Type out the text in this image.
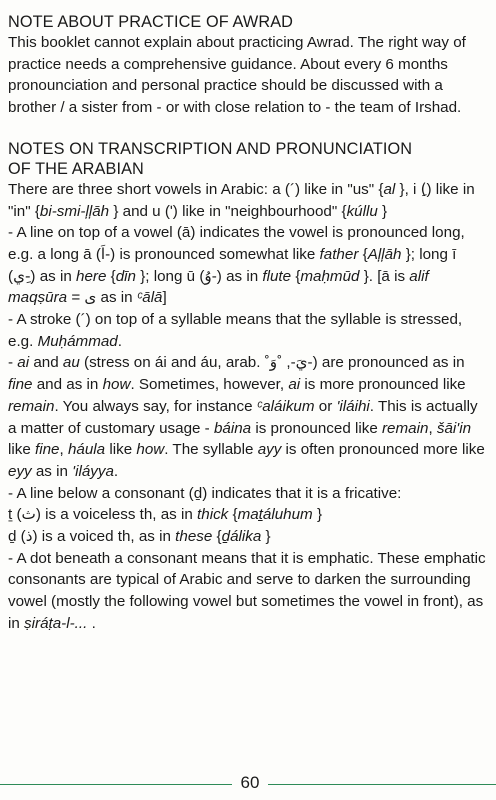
NOTE ABOUT PRACTICE OF AWRAD

This booklet cannot explain about practicing Awrad. The right way of practice needs a comprehensive guidance. About every 6 months pronounciation and personal practice should be discussed with a brother / a sister from - or with close relation to - the team of Irshad.

NOTES ON TRANSCRIPTION AND PRONUNCIATION
OF THE ARABIAN

There are three short vowels in Arabic: a (´) like in "us" {al }, i (ِ) like in "in" {bi-smi-ļļāh } and u (ʹ) like in "neighbourhood" {kúllu }

- A line on top of a vowel (ā) indicates the vowel is pronounced long, e.g. a long ā (اَ-) is pronounced somewhat like father {Aļļāh }; long ī (ي-ِ) as in here {dīn }; long ū (وُ-) as in flute {maḥmūd }. [ā is alif maqṣūra = ى as in ᶜālā]

- A stroke (´) on top of a syllable means that the syllable is stressed, e.g. Muḥámmad.

- ai and au (stress on ái and áu, arab. ˚يَ-, ˚وَ-) are pronounced as in fine and as in how. Sometimes, however, ai is more pronounced like remain. You always say, for instance ᶜaláikum or 'iláihi. This is actually a matter of customary usage - báina is pronounced like remain, šāi'in like fine, háula like how. The syllable ayy is often pronounced more like eyy as in 'iláyya.

- A line below a consonant (ḏ) indicates that it is a fricative:

ṯ (ث) is a voiceless th, as in thick {maṯáluhum }

ḏ (ذ) is a voiced th, as in these {ḏálika }

- A dot beneath a consonant means that it is emphatic. These emphatic consonants are typical of Arabic and serve to darken the surrounding vowel (mostly the following vowel but sometimes the vowel in front), as in ṣiráṭa-l-... .

60
